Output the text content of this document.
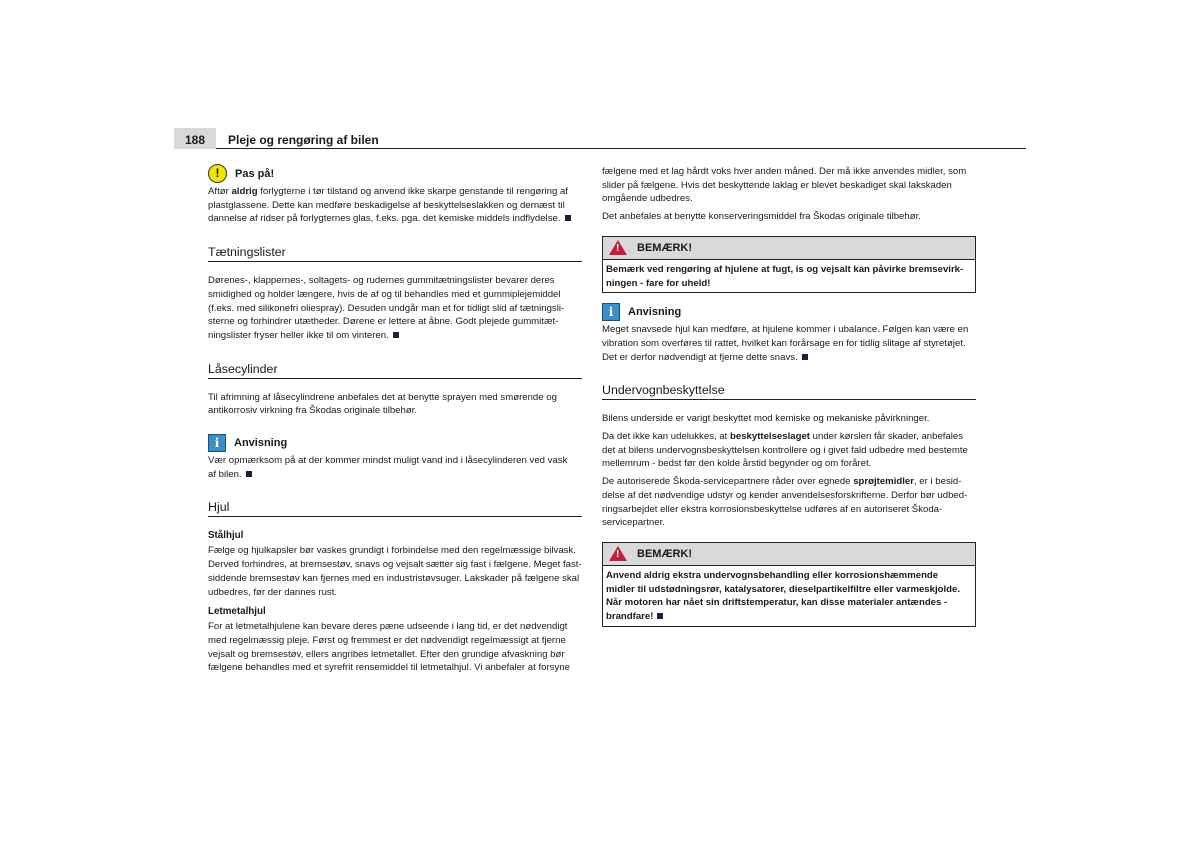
188	Pleje og rengøring af bilen
!	Pas på!
Aftør aldrig forlygterne i tør tilstand og anvend ikke skarpe genstande til rengøring af
plastglassene. Dette kan medføre beskadigelse af beskyttelseslakken og dernæst til
dannelse af ridser på forlygternes glas, f.eks. pga. det kemiske middels indflydelse.
Tætningslister
Dørenes-, klappernes-, soltagets- og rudernes gummitætningslister bevarer deres
smidighed og holder længere, hvis de af og til behandles med et gummiplejemiddel
(f.eks. med silikonefri oliespray). Desuden undgår man et for tidligt slid af tætningsli-
sterne og forhindrer utætheder. Dørene er lettere at åbne. Godt plejede gummitæt-
ningslister fryser heller ikke til om vinteren.
Låsecylinder
Til afrimning af låsecylindrene anbefales det at benytte sprayen med smørende og
antikorrosiv virkning fra Škodas originale tilbehør.
i	Anvisning
Vær opmærksom på at der kommer mindst muligt vand ind i låsecylinderen ved vask
af bilen.
Hjul
Stålhjul
Fælge og hjulkapsler bør vaskes grundigt i forbindelse med den regelmæssige bilvask.
Derved forhindres, at bremsestøv, snavs og vejsalt sætter sig fast i fælgene. Meget fast-
siddende bremsestøv kan fjernes med en industristøvsuger. Lakskader på fælgene skal
udbedres, før der dannes rust.
Letmetalhjul
For at letmetalhjulene kan bevare deres pæne udseende i lang tid, er det nødvendigt
med regelmæssig pleje. Først og fremmest er det nødvendigt regelmæssigt at fjerne
vejsalt og bremsestøv, ellers angribes letmetallet. Efter den grundige afvaskning bør
fælgene behandles med et syrefrit rensemiddel til letmetalhjul. Vi anbefaler at forsyne
fælgene med et lag hårdt voks hver anden måned. Der må ikke anvendes midler, som
slider på fælgene. Hvis det beskyttende laklag er blevet beskadiget skal lakskaden
omgående udbedres.
Det anbefales at benytte konserveringsmiddel fra Škodas originale tilbehør.
! BEMÆRK!
Bemærk ved rengøring af hjulene at fugt, is og vejsalt kan påvirke bremsevirk-
ningen - fare for uheld!
i	Anvisning
Meget snavsede hjul kan medføre, at hjulene kommer i ubalance. Følgen kan være en
vibration som overføres til rattet, hvilket kan forårsage en for tidlig slitage af styretøjet.
Det er derfor nødvendigt at fjerne dette snavs.
Undervognbeskyttelse
Bilens underside er varigt beskyttet mod kemiske og mekaniske påvirkninger.
Da det ikke kan udelukkes, at beskyttelseslaget under kørslen får skader, anbefales
det at bilens undervognsbeskyttelsen kontrollere og i givet fald udbedre med bestemte
mellemrum - bedst før den kolde årstid begynder og om foråret.
De autoriserede Škoda-servicepartnere råder over egnede sprøjtemidler, er i besid-
delse af det nødvendige udstyr og kender anvendelsesforskrifterne. Derfor bør udbed-
ringsarbejdet eller ekstra korrosionsbeskyttelse udføres af en autoriseret Škoda-
servicepartner.
! BEMÆRK!
Anvend aldrig ekstra undervognsbehandling eller korrosionshæmmende
midler til udstødningsrør, katalysatorer, dieselpartikelfiltre eller varmeskjolde.
Når motoren har nået sin driftstemperatur, kan disse materialer antændes -
brandfare!
